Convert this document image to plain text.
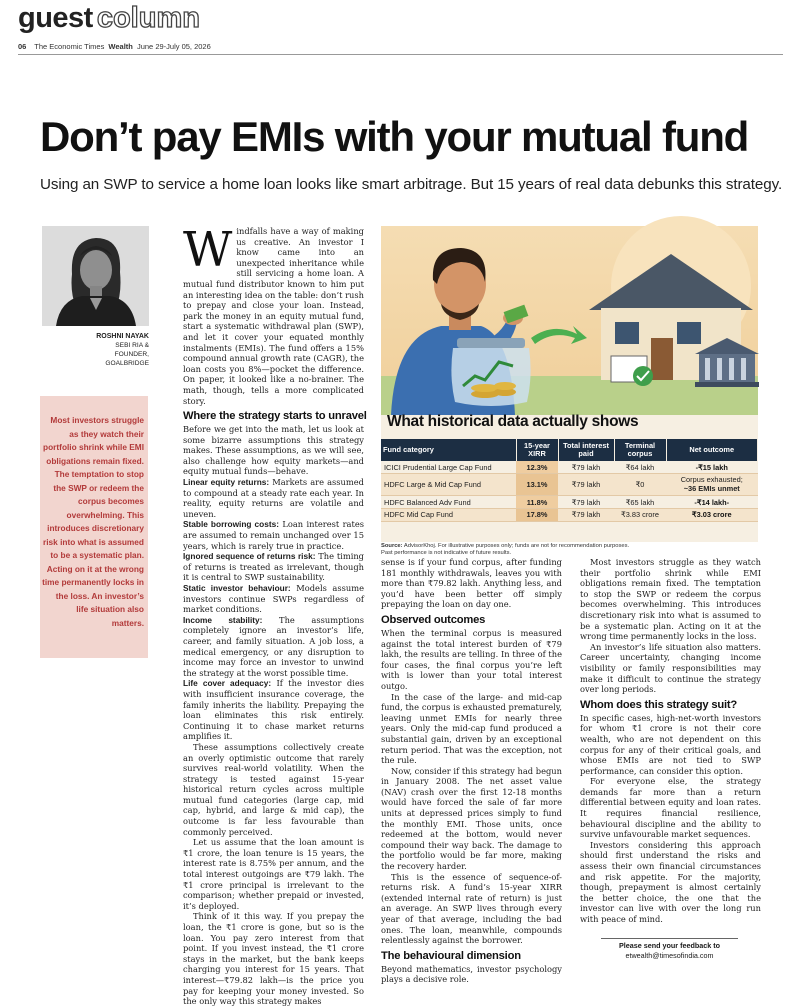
guest column
06 The Economic Times Wealth June 29-July 05, 2026
Don’t pay EMIs with your mutual fund
Using an SWP to service a home loan looks like smart arbitrage. But 15 years of real data debunks this strategy.
ROSHNI NAYAK
SEBI RIA &
FOUNDER,
GOALBRIDGE
Most investors struggle as they watch their portfolio shrink while EMI obligations remain fixed. The temptation to stop the SWP or redeem the corpus becomes overwhelming. This introduces discretionary risk into what is assumed to be a systematic plan. Acting on it at the wrong time permanently locks in the loss. An investor’s life situation also matters.
W indfalls have a way of making us creative. An investor I know came into an unexpected inheritance while still servicing a home loan. A mutual fund distributor known to him put an interesting idea on the table: don’t rush to prepay and close your loan. Instead, park the money in an equity mutual fund, start a systematic withdrawal plan (SWP), and let it cover your equated monthly instalments (EMIs). The fund offers a 15% compound annual growth rate (CAGR), the loan costs you 8%—pocket the difference. On paper, it looked like a no-brainer. The math, though, tells a more complicated story.

Where the strategy starts to unravel

Before we get into the math, let us look at some bizarre assumptions this strategy makes. These assumptions, as we will see, also challenge how equity markets—and equity mutual funds—behave.

Linear equity returns: Markets are assumed to compound at a steady rate each year. In reality, equity returns are volatile and uneven.

Stable borrowing costs: Loan interest rates are assumed to remain unchanged over 15 years, which is rarely true in practice.

Ignored sequence of returns risk: The timing of returns is treated as irrelevant, though it is central to SWP sustainability.

Static investor behaviour: Models assume investors continue SWPs regardless of market conditions.

Income stability: The assumptions completely ignore an investor’s life, career, and family situation. A job loss, a medical emergency, or any disruption to income may force an investor to unwind the strategy at the worst possible time.

Life cover adequacy: If the investor dies with insufficient insurance coverage, the family inherits the liability. Prepaying the loan eliminates this risk entirely. Continuing it to chase market returns amplifies it.

These assumptions collectively create an overly optimistic outcome that rarely survives real-world volatility. When the strategy is tested against 15-year historical return cycles across multiple mutual fund categories (large cap, mid cap, hybrid, and large & mid cap), the outcome is far less favourable than commonly perceived.

Let us assume that the loan amount is ₹1 crore, the loan tenure is 15 years, the interest rate is 8.75% per annum, and the total interest outgoings are ₹79 lakh. The ₹1 crore principal is irrelevant to the comparison; whether prepaid or invested, it’s deployed.

Think of it this way. If you prepay the loan, the ₹1 crore is gone, but so is the loan. You pay zero interest from that point. If you invest instead, the ₹1 crore stays in the market, but the bank keeps charging you interest for 15 years. That interest—₹79.82 lakh—is the price you pay for keeping your money invested. So the only way this strategy makes

What historical data actually shows
Fund category	15-year XIRR	Total interest paid	Terminal corpus	Net outcome
ICICI Prudential Large Cap Fund	12.3%	₹79 lakh	₹64 lakh	-₹15 lakh
HDFC Large & Mid Cap Fund	13.1%	₹79 lakh	₹0	Corpus exhausted;
~36 EMIs unmet

HDFC Balanced Adv Fund	11.8%	₹79 lakh	₹65 lakh	-₹14 lakh-
HDFC Mid Cap Fund	17.8%	₹79 lakh	₹3.83 crore	₹3.03 crore
Source: AdvisorKhoj. For illustrative purposes only; funds are not for recommendation purposes.
Past performance is not indicative of future results.

sense is if your fund corpus, after funding 181 monthly withdrawals, leaves you with more than ₹79.82 lakh. Anything less, and you’d have been better off simply prepaying the loan on day one.

Observed outcomes

When the terminal corpus is measured against the total interest burden of ₹79 lakh, the results are telling. In three of the four cases, the final corpus you’re left with is lower than your total interest outgo.

In the case of the large- and mid-cap fund, the corpus is exhausted prematurely, leaving unmet EMIs for nearly three years. Only the mid-cap fund produced a substantial gain, driven by an exceptional return period. That was the exception, not the rule.

Now, consider if this strategy had begun in January 2008. The net asset value (NAV) crash over the first 12-18 months would have forced the sale of far more units at depressed prices simply to fund the monthly EMI. Those units, once redeemed at the bottom, would never compound their way back. The damage to the portfolio would be far more, making the recovery harder.

This is the essence of sequence-of-returns risk. A fund’s 15-year XIRR (extended internal rate of return) is just an average. An SWP lives through every year of that average, including the bad ones. The loan, meanwhile, compounds relentlessly against the borrower.

The behavioural dimension

Beyond mathematics, investor psychology plays a decisive role.

Most investors struggle as they watch their portfolio shrink while EMI obligations remain fixed. The temptation to stop the SWP or redeem the corpus becomes overwhelming. This introduces discretionary risk into what is assumed to be a systematic plan. Acting on it at the wrong time permanently locks in the loss.

An investor’s life situation also matters. Career uncertainty, changing income visibility or family responsibilities may make it difficult to continue the strategy over long periods.

Whom does this strategy suit?

In specific cases, high-net-worth investors for whom ₹1 crore is not their core wealth, who are not dependent on this corpus for any of their critical goals, and whose EMIs are not tied to SWP performance, can consider this option.

For everyone else, the strategy demands far more than a return differential between equity and loan rates. It requires financial resilience, behavioural discipline and the ability to survive unfavourable market sequences.

Investors considering this approach should first understand the risks and assess their own financial circumstances and risk appetite. For the majority, though, prepayment is almost certainly the better choice, the one that the investor can live with over the long run with peace of mind.

Please send your feedback to
etwealth@timesofindia.com
